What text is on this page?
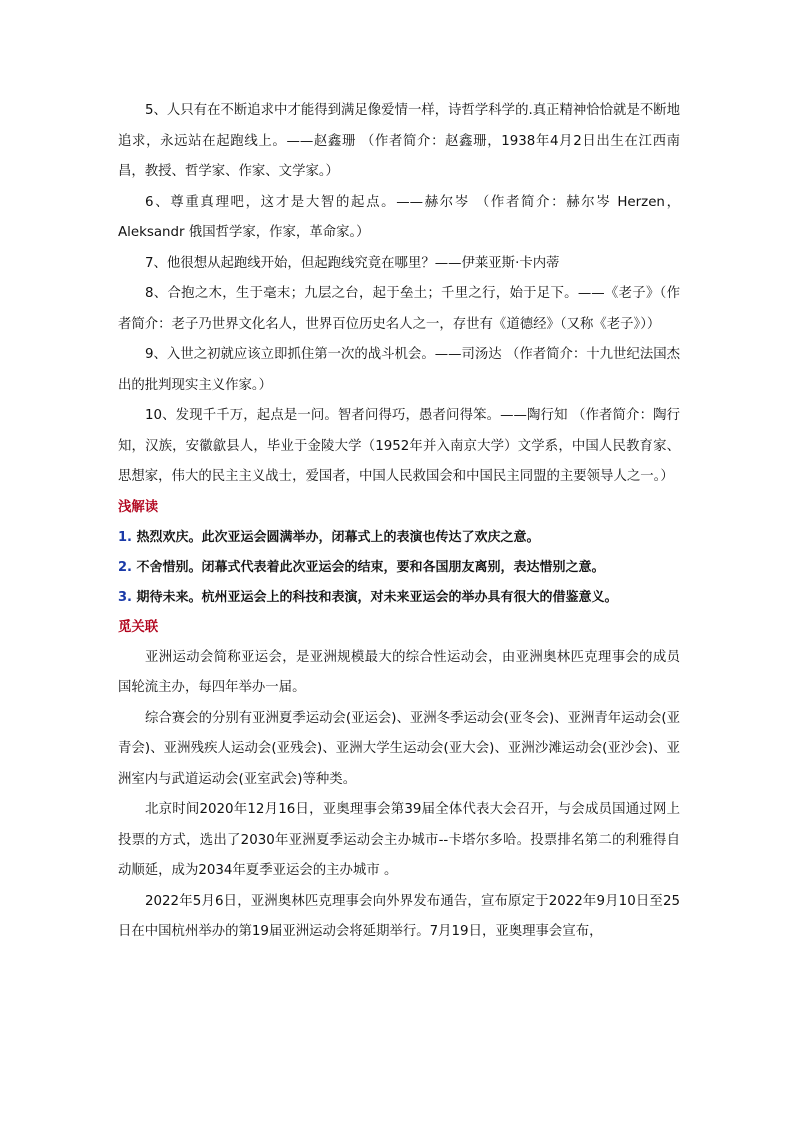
5、人只有在不断追求中才能得到满足像爱情一样，诗哲学科学的.真正精神恰恰就是不断地追求，永远站在起跑线上。——赵鑫珊 （作者简介：赵鑫珊，1938年4月2日出生在江西南昌，教授、哲学家、作家、文学家。）

6、尊重真理吧，这才是大智的起点。——赫尔岑 （作者简介：赫尔岑 Herzen，Aleksandr 俄国哲学家，作家，革命家。）

7、他很想从起跑线开始，但起跑线究竟在哪里？——伊莱亚斯·卡内蒂

8、合抱之木，生于毫末；九层之台，起于垒土；千里之行，始于足下。——《老子》（作者简介：老子乃世界文化名人，世界百位历史名人之一，存世有《道德经》（又称《老子》））

9、入世之初就应该立即抓住第一次的战斗机会。——司汤达 （作者简介：十九世纪法国杰出的批判现实主义作家。）

10、发现千千万，起点是一问。智者问得巧，愚者问得笨。——陶行知 （作者简介：陶行知，汉族，安徽歙县人，毕业于金陵大学（1952年并入南京大学）文学系，中国人民教育家、思想家，伟大的民主主义战士，爱国者，中国人民救国会和中国民主同盟的主要领导人之一。）

浅解读

1. 热烈欢庆。此次亚运会圆满举办，闭幕式上的表演也传达了欢庆之意。

2. 不舍惜别。闭幕式代表着此次亚运会的结束，要和各国朋友离别，表达惜别之意。

3. 期待未来。杭州亚运会上的科技和表演，对未来亚运会的举办具有很大的借鉴意义。

觅关联

亚洲运动会简称亚运会，是亚洲规模最大的综合性运动会，由亚洲奥林匹克理事会的成员国轮流主办，每四年举办一届。

综合赛会的分别有亚洲夏季运动会(亚运会)、亚洲冬季运动会(亚冬会)、亚洲青年运动会(亚青会)、亚洲残疾人运动会(亚残会)、亚洲大学生运动会(亚大会)、亚洲沙滩运动会(亚沙会)、亚洲室内与武道运动会(亚室武会)等种类。

北京时间2020年12月16日，亚奥理事会第39届全体代表大会召开，与会成员国通过网上投票的方式，选出了2030年亚洲夏季运动会主办城市--卡塔尔多哈。投票排名第二的利雅得自动顺延，成为2034年夏季亚运会的主办城市 。

2022年5月6日，亚洲奥林匹克理事会向外界发布通告，宣布原定于2022年9月10日至25日在中国杭州举办的第19届亚洲运动会将延期举行。7月19日，亚奥理事会宣布，
